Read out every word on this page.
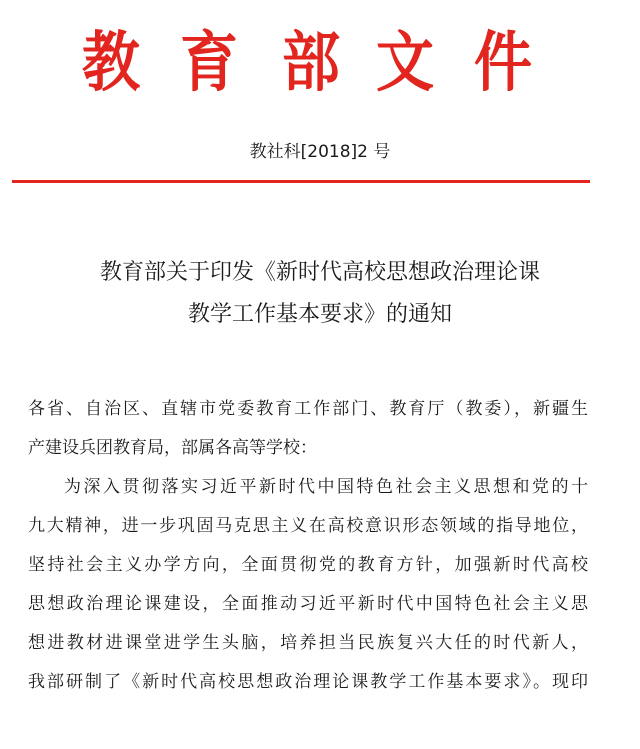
教 育 部 文 件
教社科[2018]2 号
教育部关于印发《新时代高校思想政治理论课
教学工作基本要求》的通知
各省、自治区、直辖市党委教育工作部门、教育厅（教委），新疆生
产建设兵团教育局，部属各高等学校：
为深入贯彻落实习近平新时代中国特色社会主义思想和党的十
九大精神，进一步巩固马克思主义在高校意识形态领域的指导地位，
坚持社会主义办学方向，全面贯彻党的教育方针，加强新时代高校
思想政治理论课建设，全面推动习近平新时代中国特色社会主义思
想进教材进课堂进学生头脑，培养担当民族复兴大任的时代新人，
我部研制了《新时代高校思想政治理论课教学工作基本要求》。现印
